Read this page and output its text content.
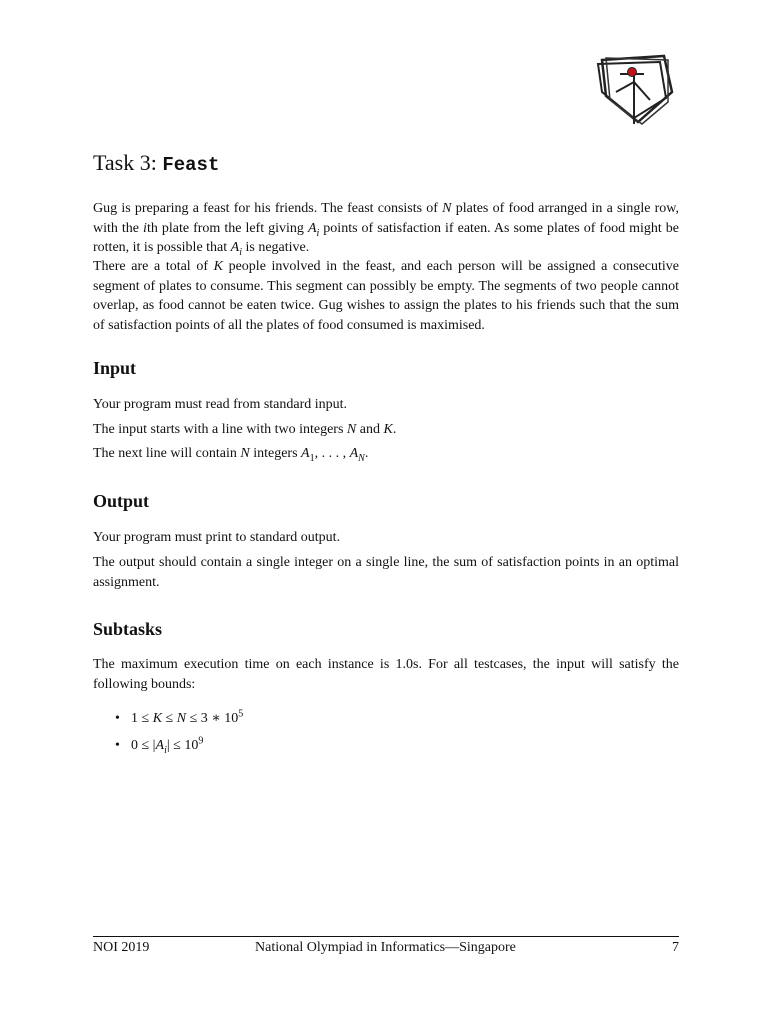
Task 3: Feast

Gug is preparing a feast for his friends. The feast consists of N plates of food arranged in a single row, with the ith plate from the left giving $A_i$ points of satisfaction if eaten. As some plates of food might be rotten, it is possible that $A_i$ is negative.

There are a total of K people involved in the feast, and each person will be assigned a consecutive segment of plates to consume. This segment can possibly be empty. The segments of two people cannot overlap, as food cannot be eaten twice. Gug wishes to assign the plates to his friends such that the sum of satisfaction points of all the plates of food consumed is maximised.

Input

Your program must read from standard input.

The input starts with a line with two integers N and K.

The next line will contain N integers $A_1$, . . . , $A_N$.

Output

Your program must print to standard output.

The output should contain a single integer on a single line, the sum of satisfaction points in an optimal assignment.

Subtasks

The maximum execution time on each instance is 1.0s. For all testcases, the input will satisfy the following bounds:

• 1 ≤ K ≤ N ≤ 3 ∗ $10^5$
• $0 \le |A_i| \le 10^9$
NOI 2019	National Olympiad in Informatics—Singapore	7
